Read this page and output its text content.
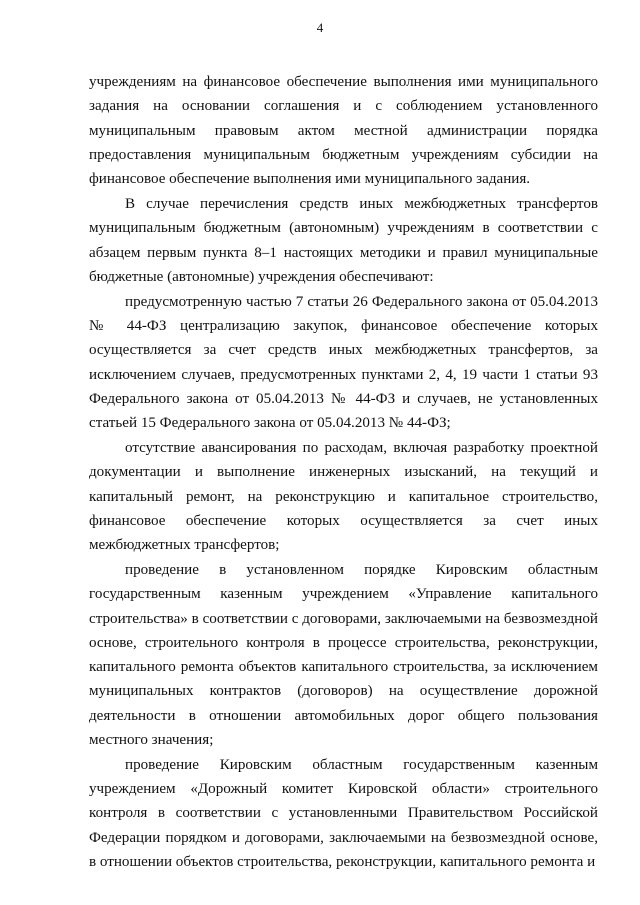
4

учреждениям на финансовое обеспечение выполнения ими муниципального задания на основании соглашения и с соблюдением установленного муниципальным правовым актом местной администрации порядка предоставления муниципальным бюджетным учреждениям субсидии на финансовое обеспечение выполнения ими муниципального задания.

В случае перечисления средств иных межбюджетных трансфертов муниципальным бюджетным (автономным) учреждениям в соответствии с абзацем первым пункта 8–1 настоящих методики и правил муниципальные бюджетные (автономные) учреждения обеспечивают:

предусмотренную частью 7 статьи 26 Федерального закона от 05.04.2013 № 44-ФЗ централизацию закупок, финансовое обеспечение которых осуществляется за счет средств иных межбюджетных трансфертов, за исключением случаев, предусмотренных пунктами 2, 4, 19 части 1 статьи 93 Федерального закона от 05.04.2013 № 44-ФЗ и случаев, не установленных статьей 15 Федерального закона от 05.04.2013 № 44-ФЗ;

отсутствие авансирования по расходам, включая разработку проектной документации и выполнение инженерных изысканий, на текущий и капитальный ремонт, на реконструкцию и капитальное строительство, финансовое обеспечение которых осуществляется за счет иных межбюджетных трансфертов;

проведение в установленном порядке Кировским областным государственным казенным учреждением «Управление капитального строительства» в соответствии с договорами, заключаемыми на безвозмездной основе, строительного контроля в процессе строительства, реконструкции, капитального ремонта объектов капитального строительства, за исключением муниципальных контрактов (договоров) на осуществление дорожной деятельности в отношении автомобильных дорог общего пользования местного значения;

проведение Кировским областным государственным казенным учреждением «Дорожный комитет Кировской области» строительного контроля в соответствии с установленными Правительством Российской Федерации порядком и договорами, заключаемыми на безвозмездной основе, в отношении объектов строительства, реконструкции, капитального ремонта и
